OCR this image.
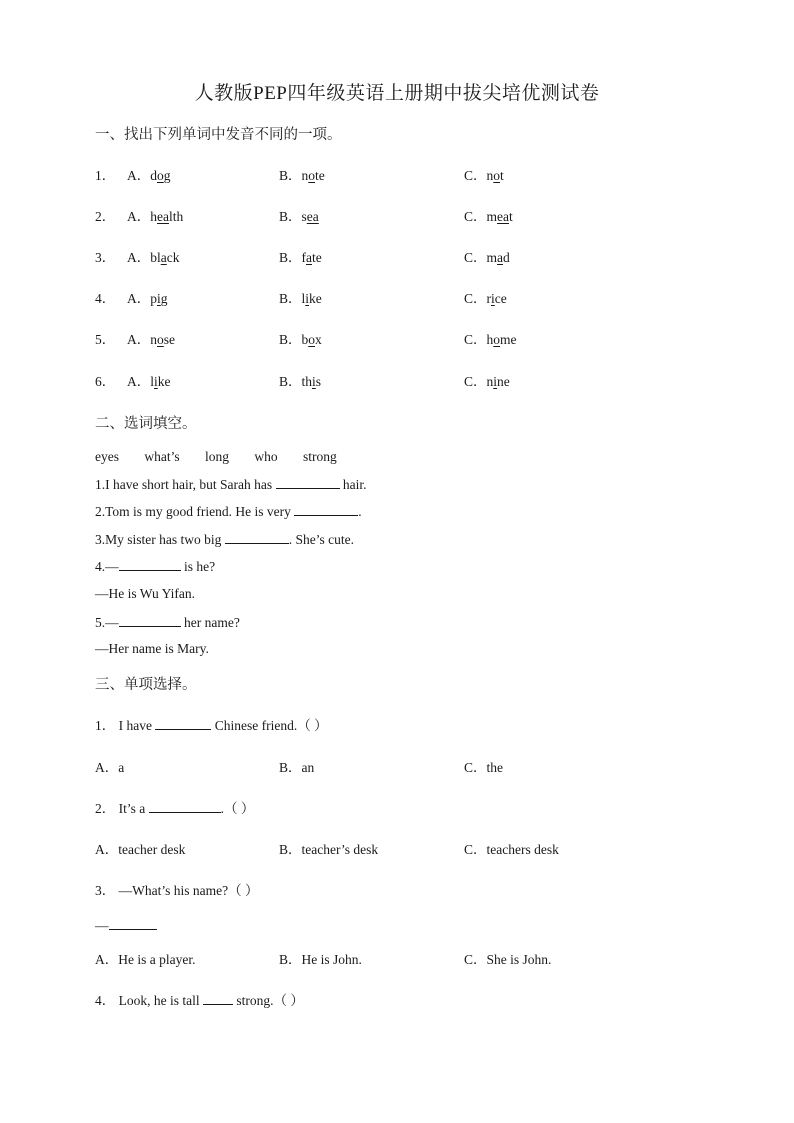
人教版PEP四年级英语上册期中拔尖培优测试卷
一、找出下列单词中发音不同的一项。
1． A．dog	B．note	C．not
2． A．health	B．sea	C．meat
3． A．black	B．fate	C．mad
4． A．pig	B．like	C．rice
5． A．nose	B．box	C．home
6． A．like	B．this	C．nine
二、选词填空。
eyes what’s long who strong
1.I have short hair, but Sarah has	hair.
2.Tom is my good friend. He is very	.
3.My sister has two big	. She’s cute.
4.—	is he?
—He is Wu Yifan.
5.—	her name?
—Her name is Mary.
三、单项选择。
1． I have	Chinese friend.（ ）
A．a	B．an	C．the
2． It’s a	.（ ）
A．teacher desk	B．teacher’s desk	C．teachers desk
3． —What’s his name?（ ）
—
A．He is a player.	B．He is John.	C．She is John.
4． Look, he is tall  strong.（ ）
